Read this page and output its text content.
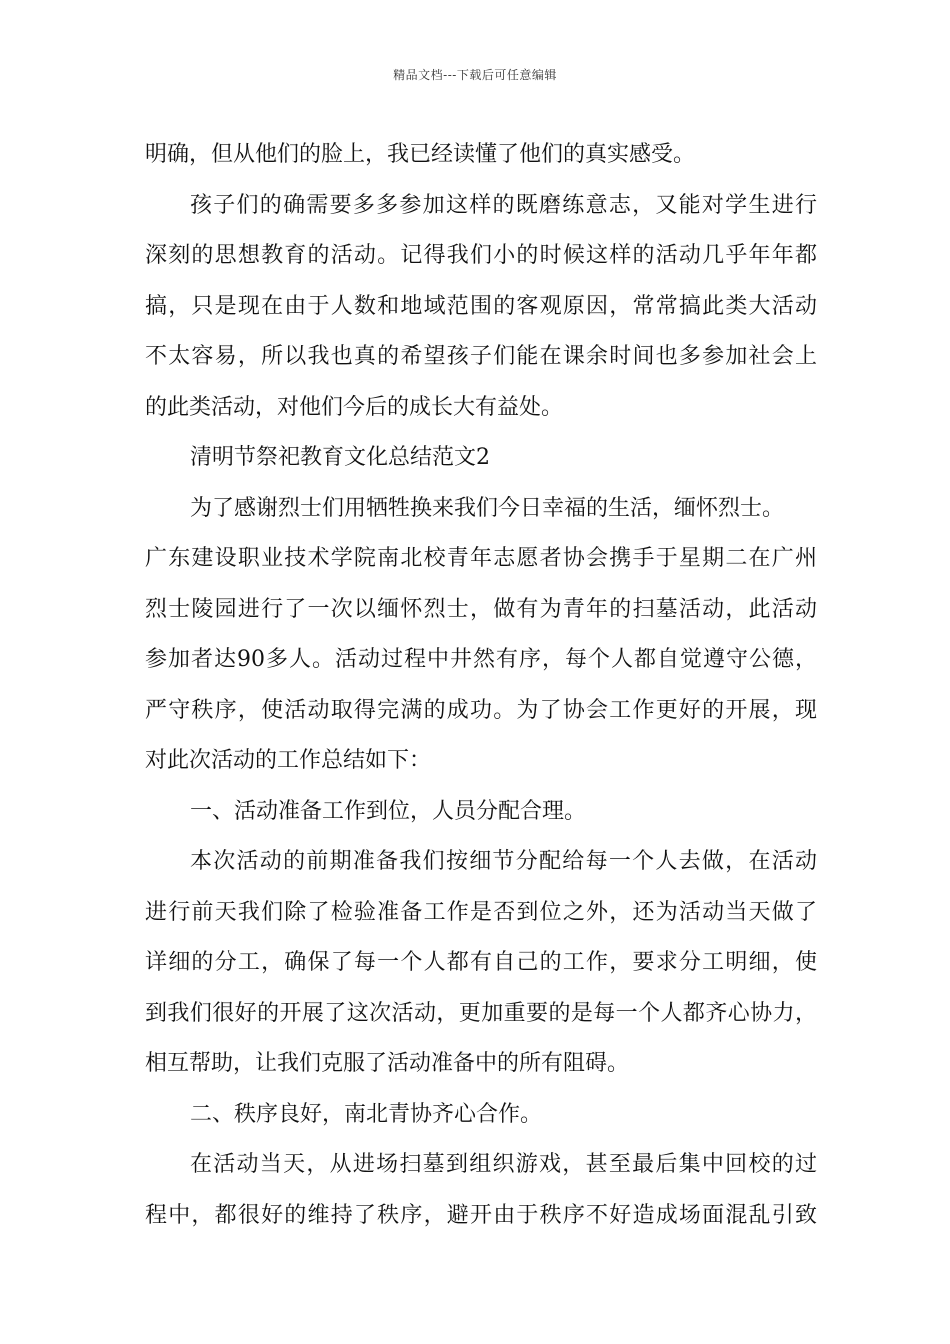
精品文档---下载后可任意编辑
明确，但从他们的脸上，我已经读懂了他们的真实感受。
孩子们的确需要多多参加这样的既磨练意志，又能对学生进行
深刻的思想教育的活动。记得我们小的时候这样的活动几乎年年都
搞，只是现在由于人数和地域范围的客观原因，常常搞此类大活动
不太容易，所以我也真的希望孩子们能在课余时间也多参加社会上
的此类活动，对他们今后的成长大有益处。
清明节祭祀教育文化总结范文2
为了感谢烈士们用牺牲换来我们今日幸福的生活，缅怀烈士。
广东建设职业技术学院南北校青年志愿者协会携手于星期二在广州
烈士陵园进行了一次以缅怀烈士，做有为青年的扫墓活动，此活动
参加者达90多人。活动过程中井然有序，每个人都自觉遵守公德，
严守秩序，使活动取得完满的成功。为了协会工作更好的开展，现
对此次活动的工作总结如下：
一、活动准备工作到位，人员分配合理。
本次活动的前期准备我们按细节分配给每一个人去做，在活动
进行前天我们除了检验准备工作是否到位之外，还为活动当天做了
详细的分工，确保了每一个人都有自己的工作，要求分工明细，使
到我们很好的开展了这次活动，更加重要的是每一个人都齐心协力，
相互帮助，让我们克服了活动准备中的所有阻碍。
二、秩序良好，南北青协齐心合作。
在活动当天，从进场扫墓到组织游戏，甚至最后集中回校的过
程中，都很好的维持了秩序，避开由于秩序不好造成场面混乱引致
